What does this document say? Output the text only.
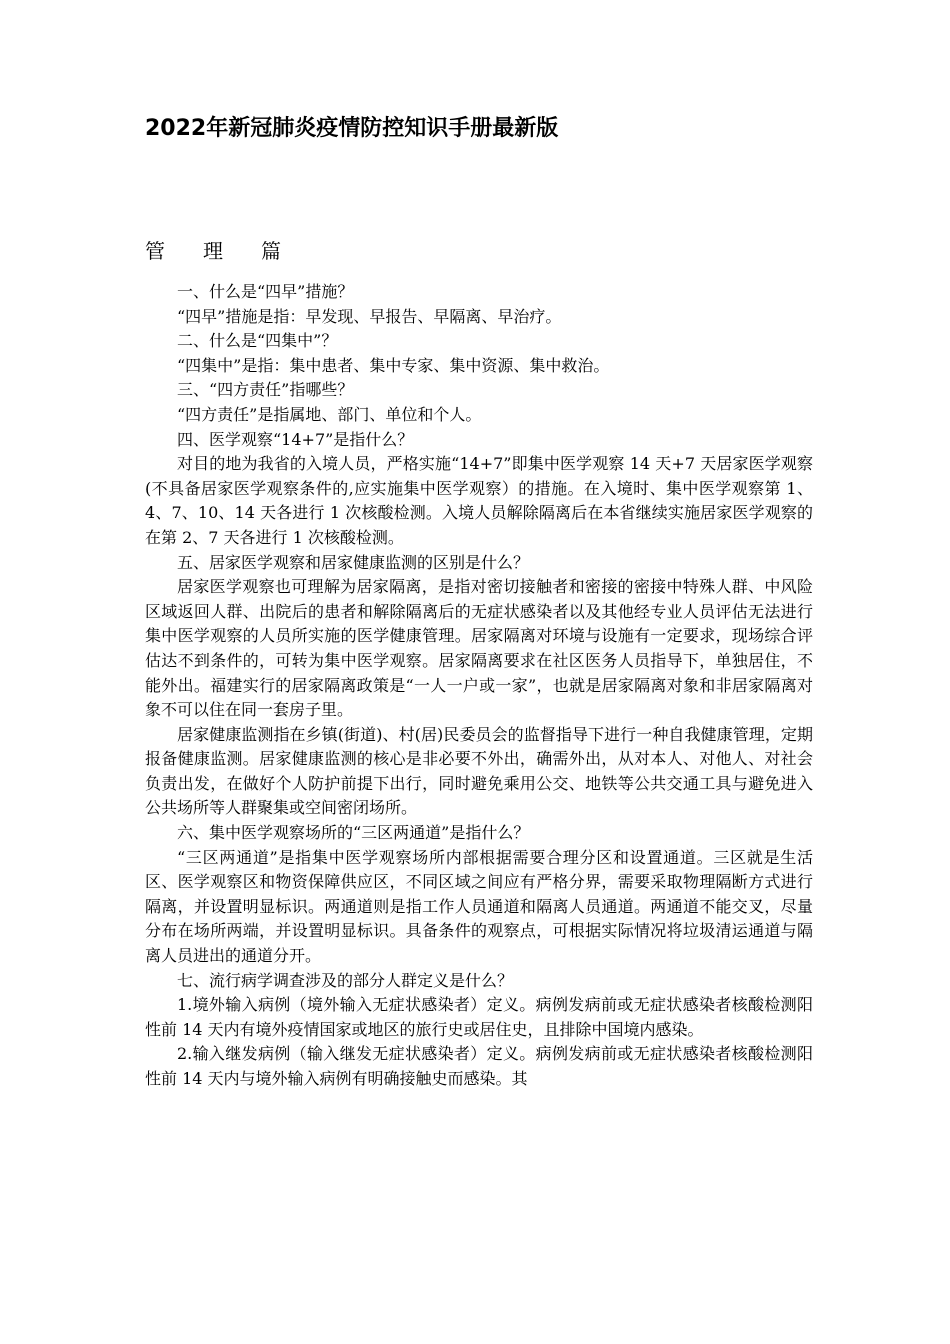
2022年新冠肺炎疫情防控知识手册最新版
管理篇

一、什么是“四早”措施？

“四早”措施是指：早发现、早报告、早隔离、早治疗。

二、什么是“四集中”？

“四集中”是指：集中患者、集中专家、集中资源、集中救治。

三、“四方责任”指哪些？

“四方责任”是指属地、部门、单位和个人。

四、医学观察“14+7”是指什么？

对目的地为我省的入境人员，严格实施“14+7”即集中医学观察 14 天+7 天居家医学观察(不具备居家医学观察条件的,应实施集中医学观察）的措施。在入境时、集中医学观察第 1、4、7、10、14 天各进行 1 次核酸检测。入境人员解除隔离后在本省继续实施居家医学观察的在第 2、7 天各进行 1 次核酸检测。

五、居家医学观察和居家健康监测的区别是什么？

居家医学观察也可理解为居家隔离，是指对密切接触者和密接的密接中特殊人群、中风险区域返回人群、出院后的患者和解除隔离后的无症状感染者以及其他经专业人员评估无法进行集中医学观察的人员所实施的医学健康管理。居家隔离对环境与设施有一定要求，现场综合评估达不到条件的，可转为集中医学观察。居家隔离要求在社区医务人员指导下，单独居住，不能外出。福建实行的居家隔离政策是“一人一户或一家”，也就是居家隔离对象和非居家隔离对象不可以住在同一套房子里。

居家健康监测指在乡镇(街道)、村(居)民委员会的监督指导下进行一种自我健康管理，定期报备健康监测。居家健康监测的核心是非必要不外出，确需外出，从对本人、对他人、对社会负责出发，在做好个人防护前提下出行，同时避免乘用公交、地铁等公共交通工具与避免进入公共场所等人群聚集或空间密闭场所。

六、集中医学观察场所的“三区两通道”是指什么？

“三区两通道”是指集中医学观察场所内部根据需要合理分区和设置通道。三区就是生活区、医学观察区和物资保障供应区，不同区域之间应有严格分界，需要采取物理隔断方式进行隔离，并设置明显标识。两通道则是指工作人员通道和隔离人员通道。两通道不能交叉，尽量分布在场所两端，并设置明显标识。具备条件的观察点，可根据实际情况将垃圾清运通道与隔离人员进出的通道分开。

七、流行病学调查涉及的部分人群定义是什么？

1.境外输入病例（境外输入无症状感染者）定义。病例发病前或无症状感染者核酸检测阳性前 14 天内有境外疫情国家或地区的旅行史或居住史，且排除中国境内感染。

2.输入继发病例（输入继发无症状感染者）定义。病例发病前或无症状感染者核酸检测阳性前 14 天内与境外输入病例有明确接触史而感染。其
